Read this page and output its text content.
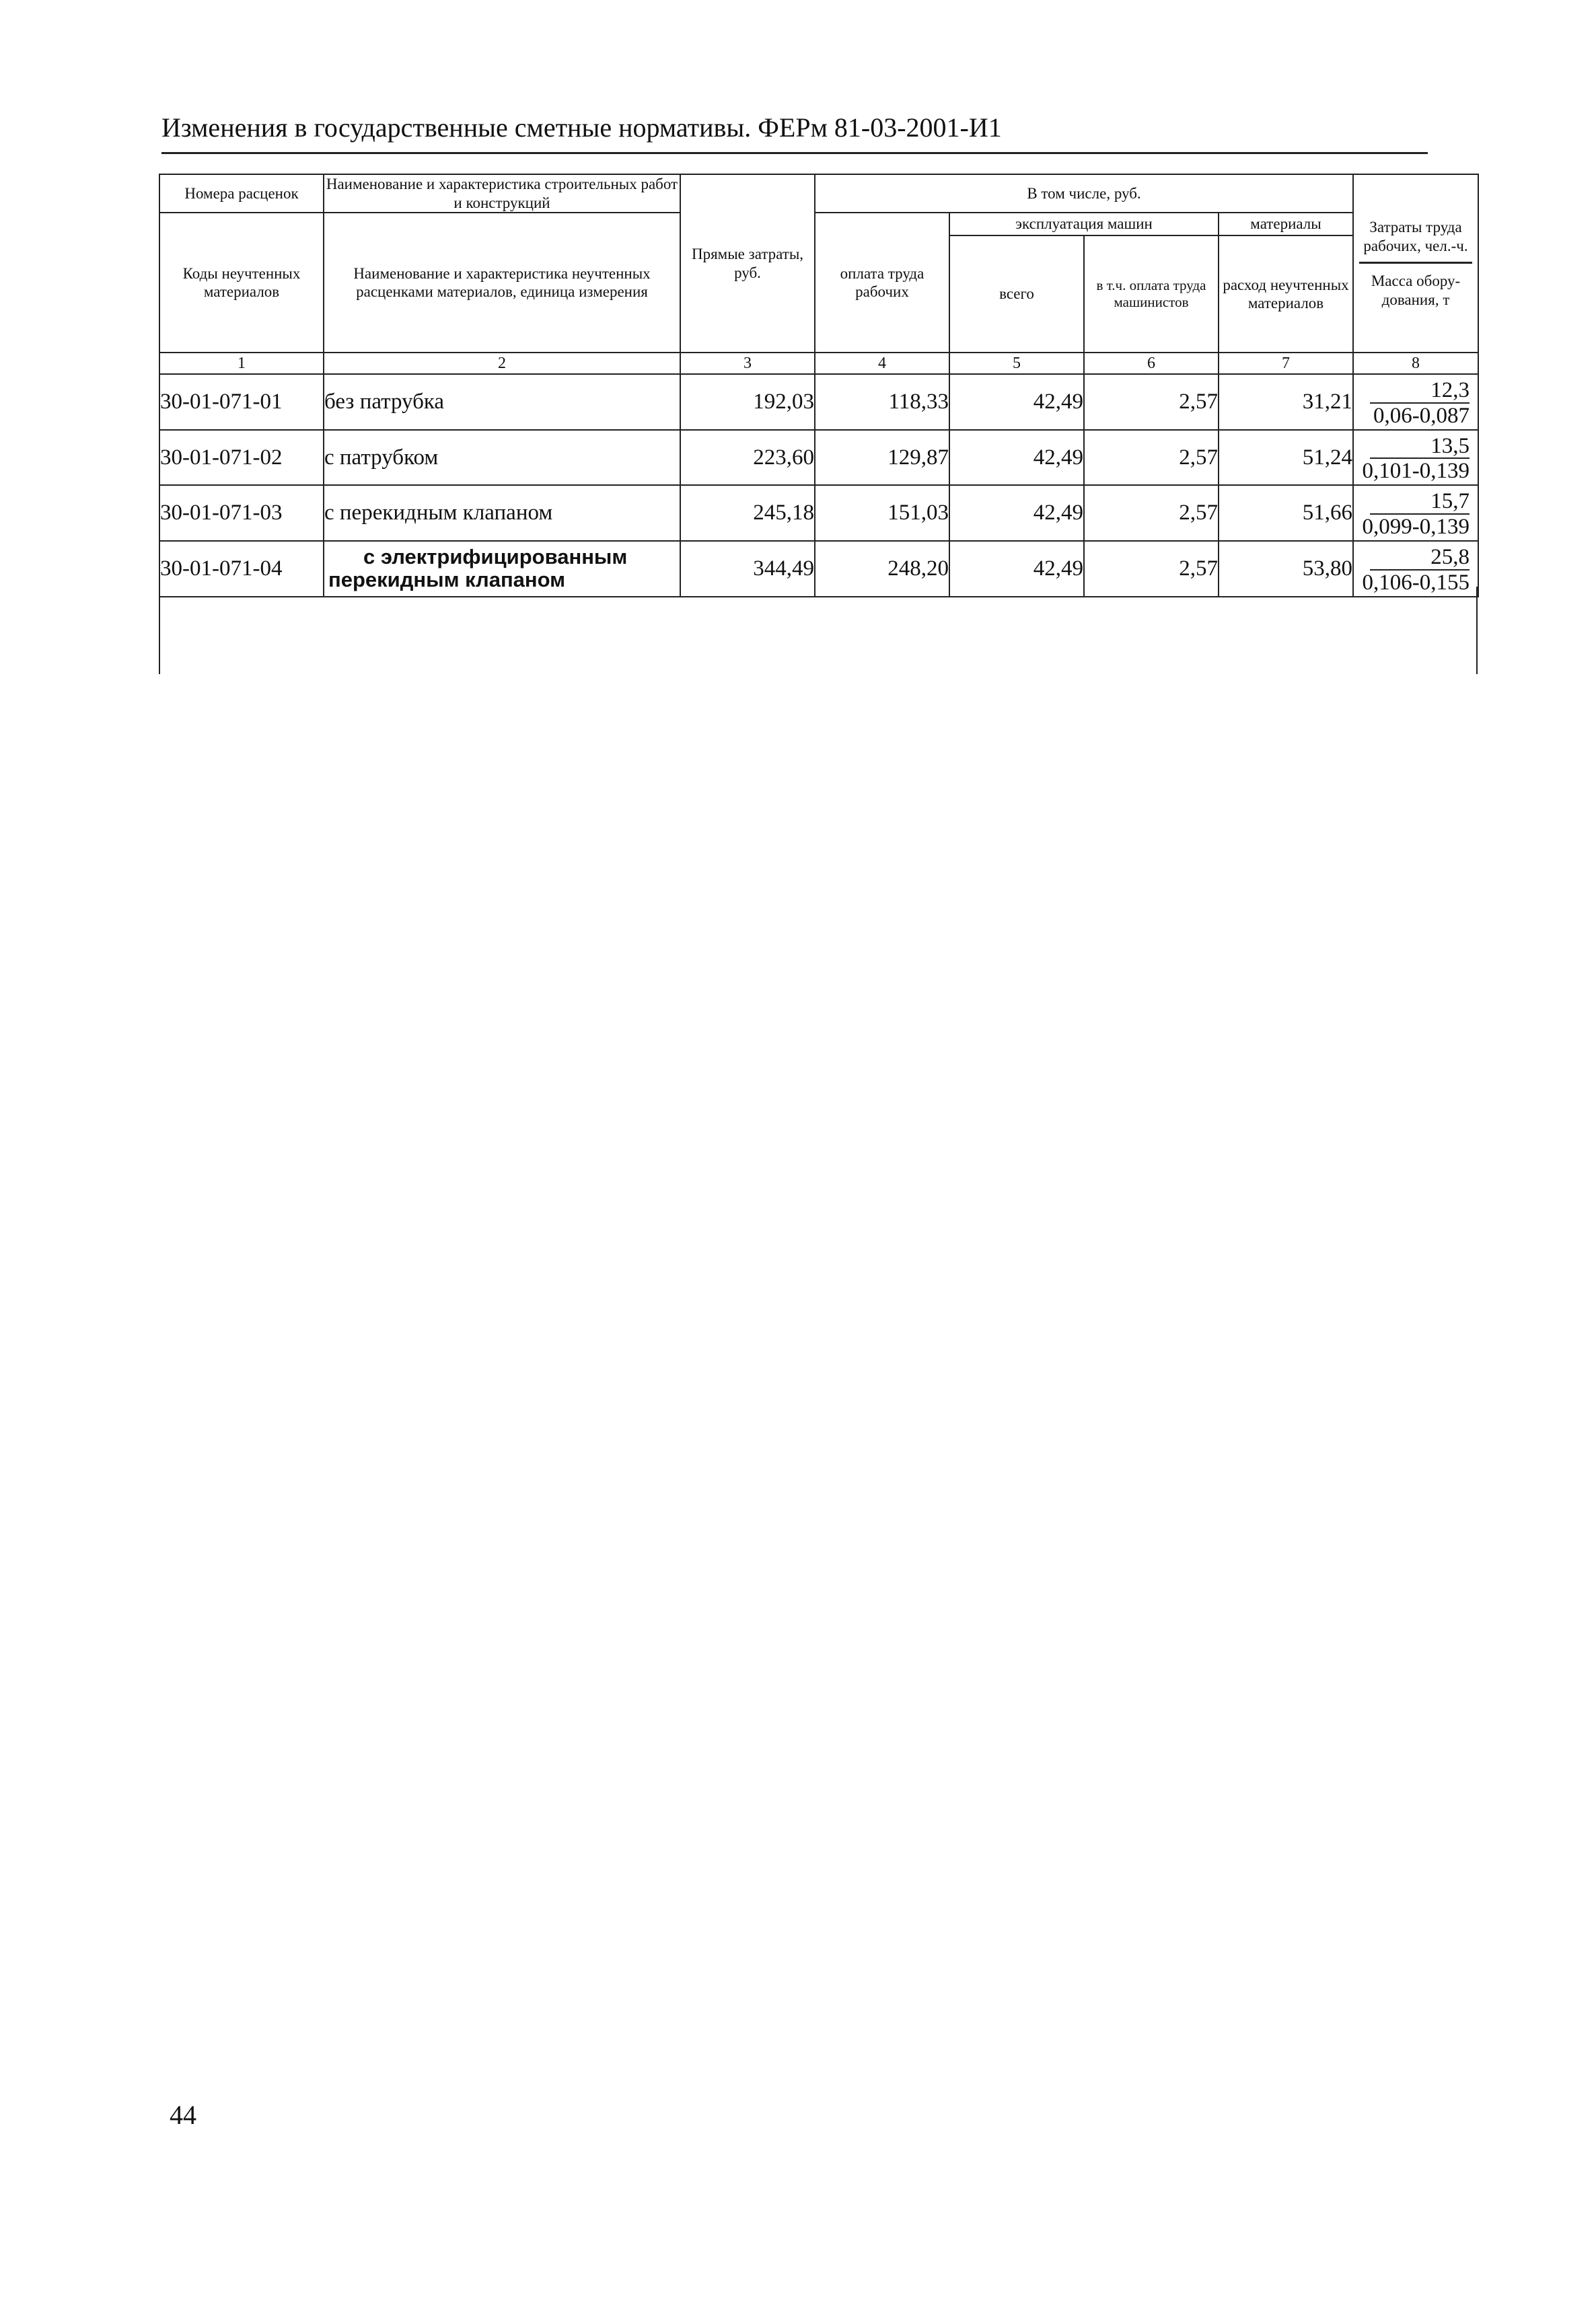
Изменения в государственные сметные нормативы. ФЕРм 81-03-2001-И1
Номера расценок	Наименование и характеристика строительных работ и конструкций	Прямые затраты, руб.	В том числе, руб.				Затраты труда рабочих, чел.-ч.
Масса обору-дования, т

Коды неучтенных материалов	Наименование и характеристика неучтенных расценками материалов, единица измерения		оплата труда рабочих	эксплуатация машин		материалы	
				всего	в т.ч. оплата труда машинистов	расход неучтенных материалов	
1	2	3	4	5	6	7	8
30-01-071-01	без патрубка	192,03	118,33	42,49	2,57	31,21	12,3
0,06-0,087

30-01-071-02	с патрубком	223,60	129,87	42,49	2,57	51,24	13,5
0,101-0,139

30-01-071-03	с перекидным клапаном	245,18	151,03	42,49	2,57	51,66	15,7
0,099-0,139

30-01-071-04	с электрифицированным
перекидным клапаном	344,49	248,20	42,49	2,57	53,80	25,8
0,106-0,155
44
